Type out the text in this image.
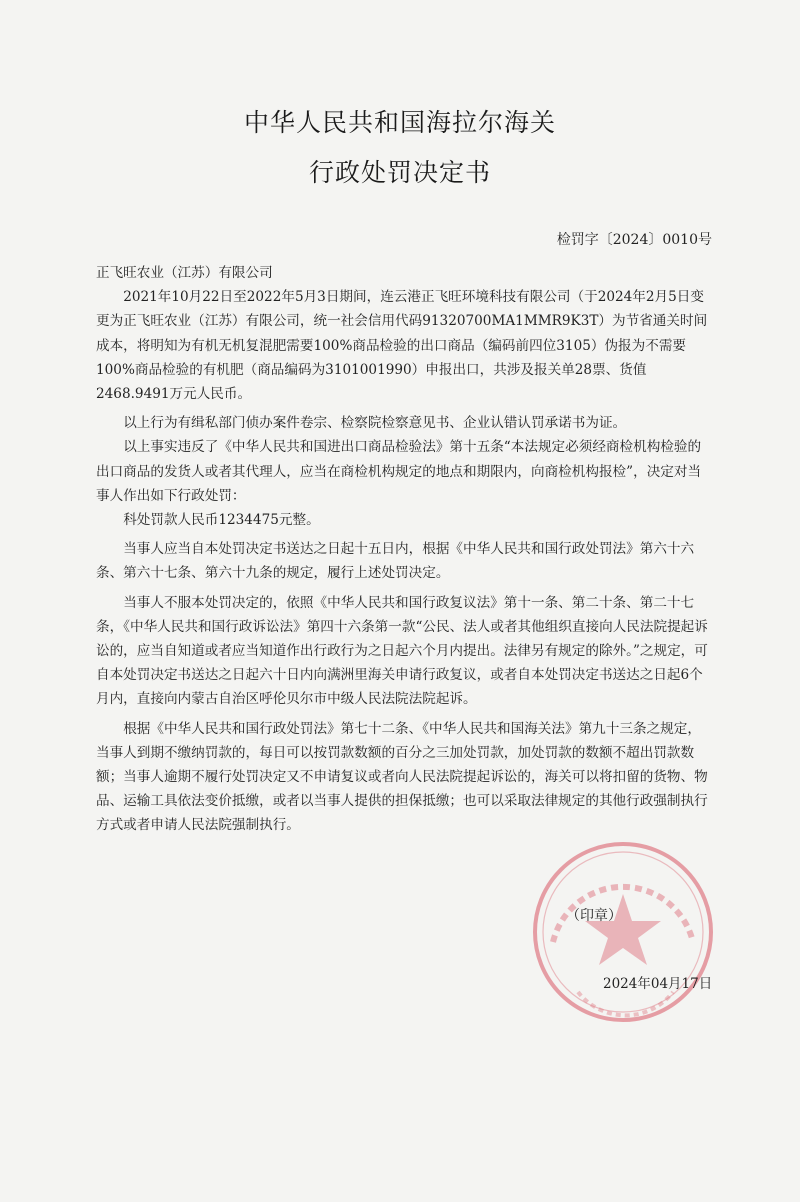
中华人民共和国海拉尔海关
行政处罚决定书
检罚字〔2024〕0010号

正飞旺农业（江苏）有限公司

2021年10月22日至2022年5月3日期间，连云港正飞旺环境科技有限公司（于2024年2月5日变更为正飞旺农业（江苏）有限公司，统一社会信用代码91320700MA1MMR9K3T）为节省通关时间成本，将明知为有机无机复混肥需要100%商品检验的出口商品（编码前四位3105）伪报为不需要100%商品检验的有机肥（商品编码为3101001990）申报出口，共涉及报关单28票、货值2468.9491万元人民币。

以上行为有缉私部门侦办案件卷宗、检察院检察意见书、企业认错认罚承诺书为证。

以上事实违反了《中华人民共和国进出口商品检验法》第十五条“本法规定必须经商检机构检验的出口商品的发货人或者其代理人，应当在商检机构规定的地点和期限内，向商检机构报检”，决定对当事人作出如下行政处罚：

科处罚款人民币1234475元整。

当事人应当自本处罚决定书送达之日起十五日内，根据《中华人民共和国行政处罚法》第六十六条、第六十七条、第六十九条的规定，履行上述处罚决定。

当事人不服本处罚决定的，依照《中华人民共和国行政复议法》第十一条、第二十条、第二十七条，《中华人民共和国行政诉讼法》第四十六条第一款“公民、法人或者其他组织直接向人民法院提起诉讼的，应当自知道或者应当知道作出行政行为之日起六个月内提出。法律另有规定的除外。”之规定，可自本处罚决定书送达之日起六十日内向满洲里海关申请行政复议，或者自本处罚决定书送达之日起6个月内，直接向内蒙古自治区呼伦贝尔市中级人民法院法院起诉。

根据《中华人民共和国行政处罚法》第七十二条、《中华人民共和国海关法》第九十三条之规定，当事人到期不缴纳罚款的，每日可以按罚款数额的百分之三加处罚款，加处罚款的数额不超出罚款数额；当事人逾期不履行处罚决定又不申请复议或者向人民法院提起诉讼的，海关可以将扣留的货物、物品、运输工具依法变价抵缴，或者以当事人提供的担保抵缴；也可以采取法律规定的其他行政强制执行方式或者申请人民法院强制执行。

（印章）
2024年04月17日
